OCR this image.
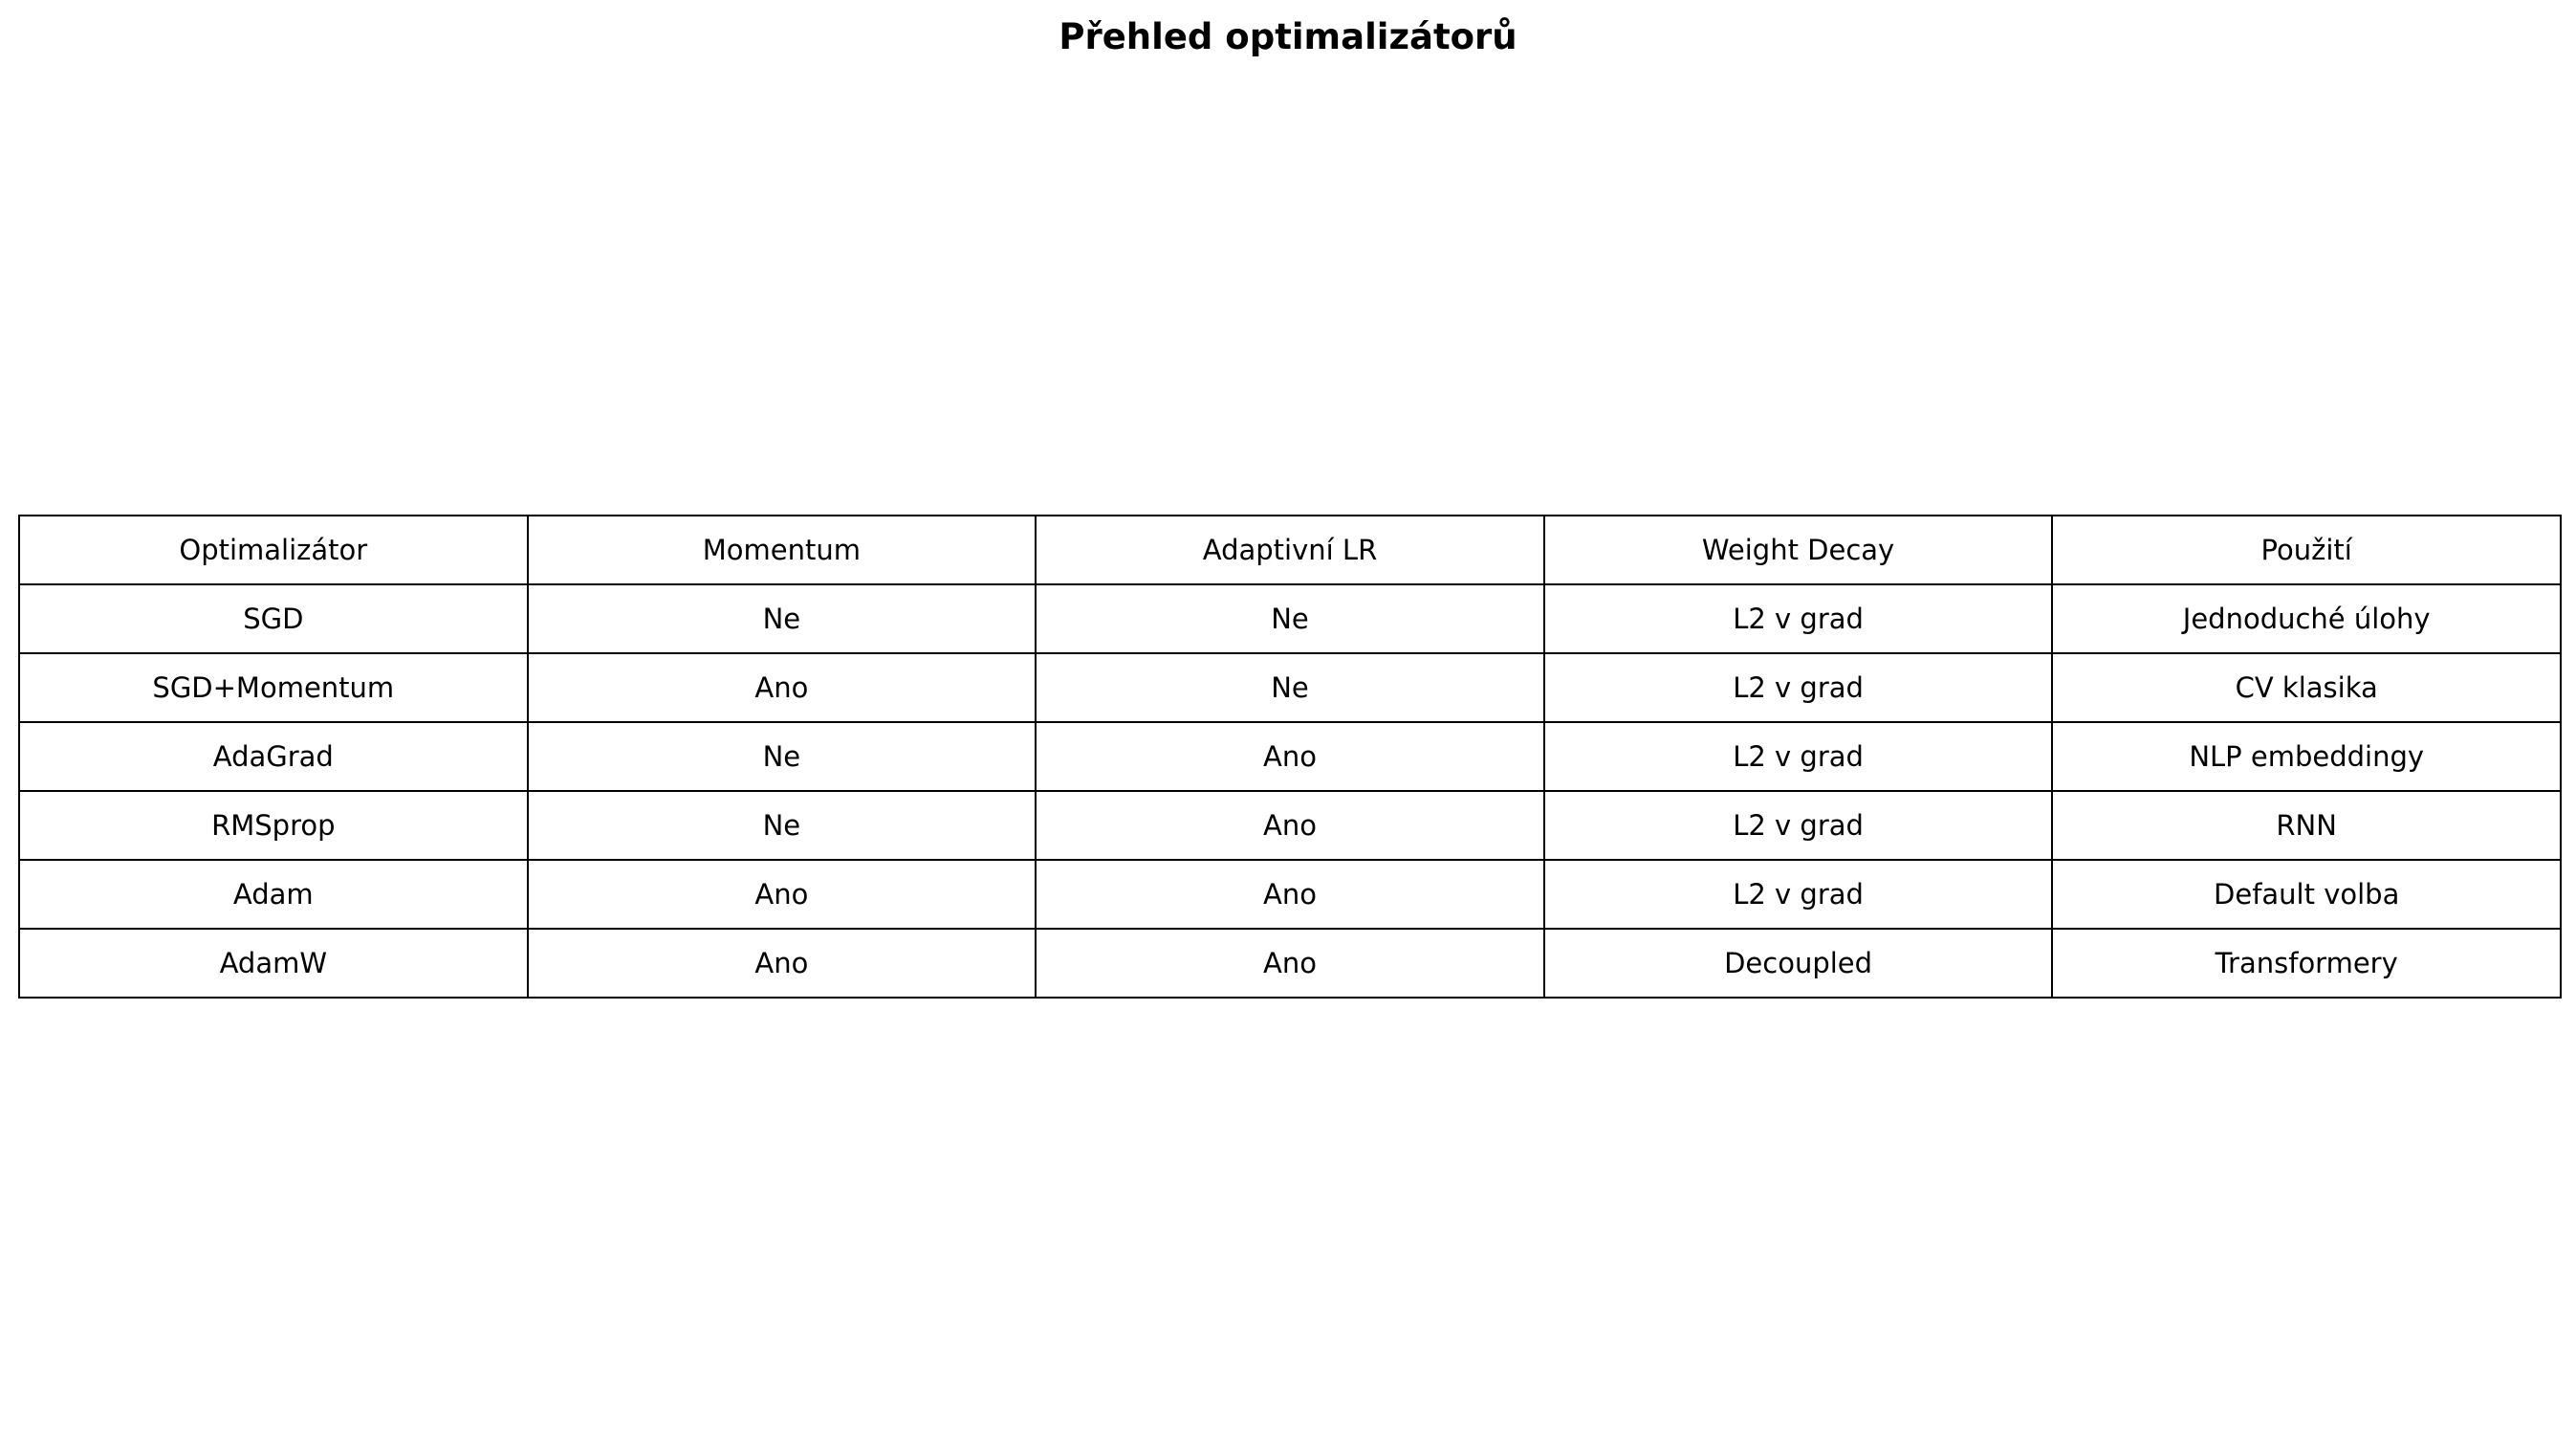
Přehled optimalizátorů
Optimalizátor	Momentum	Adaptivní LR	Weight Decay	Použití
SGD	Ne	Ne	L2 v grad	Jednoduché úlohy
SGD+Momentum	Ano	Ne	L2 v grad	CV klasika
AdaGrad	Ne	Ano	L2 v grad	NLP embeddingy
RMSprop	Ne	Ano	L2 v grad	RNN
Adam	Ano	Ano	L2 v grad	Default volba
AdamW	Ano	Ano	Decoupled	Transformery
